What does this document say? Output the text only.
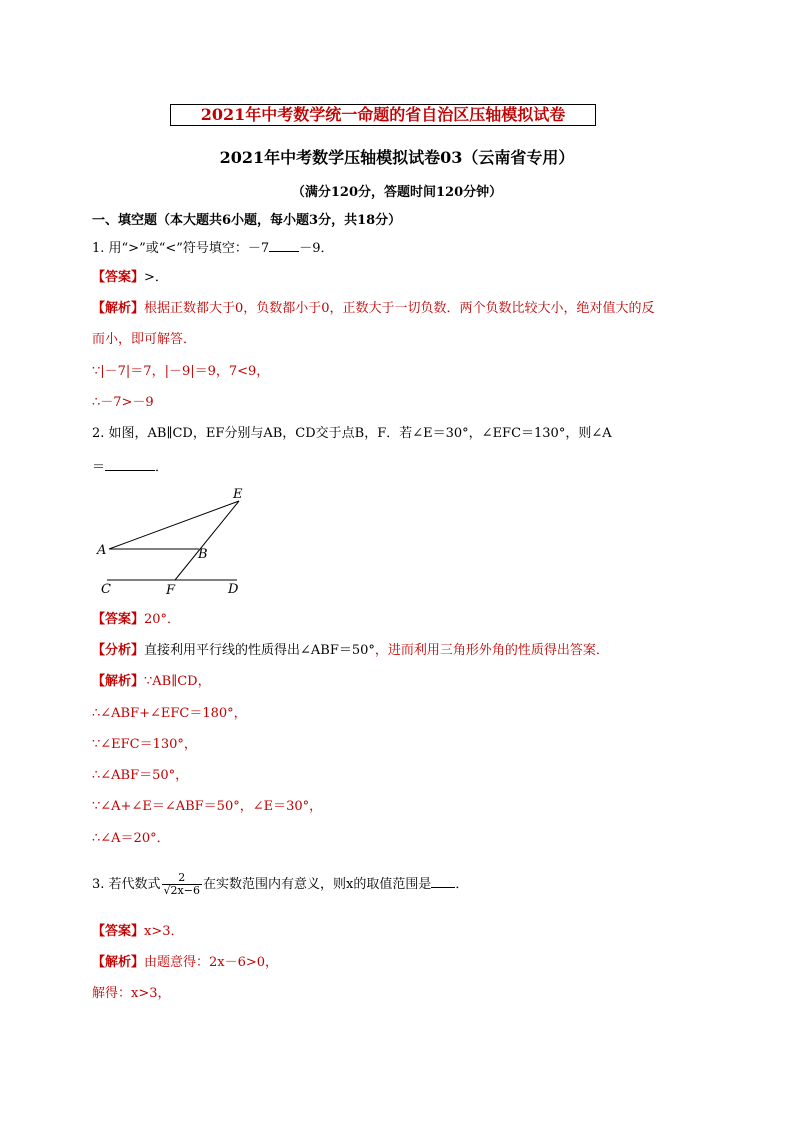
2021年中考数学统一命题的省自治区压轴模拟试卷
2021年中考数学压轴模拟试卷03（云南省专用）
（满分120分，答题时间120分钟）
一、填空题（本大题共6小题，每小题3分，共18分）
1. 用“>”或“<”符号填空：－7 －9．
【答案】>．
【解析】根据正数都大于0，负数都小于0，正数大于一切负数．两个负数比较大小，绝对值大的反
而小，即可解答．
∵|－7|＝7，|－9|＝9，7<9，
∴－7>－9
2. 如图，AB∥CD，EF分别与AB，CD交于点B，F．若∠E＝30°，∠EFC＝130°，则∠A
＝	．
E
A	B
C	F	D
【答案】20°．
【分析】直接利用平行线的性质得出∠ABF＝50°，进而利用三角形外角的性质得出答案．
【解析】∵AB∥CD，
∴∠ABF+∠EFC＝180°，
∵∠EFC＝130°，
∴∠ABF＝50°，
∵∠A+∠E＝∠ABF＝50°，∠E＝30°，
∴∠A＝20°．
3. 若代数式 $\frac{2}{√2x-6}$ 在实数范围内有意义，则x的取值范围是 ．
【答案】x>3．
【解析】由题意得：2x－6>0，
解得：x>3，
